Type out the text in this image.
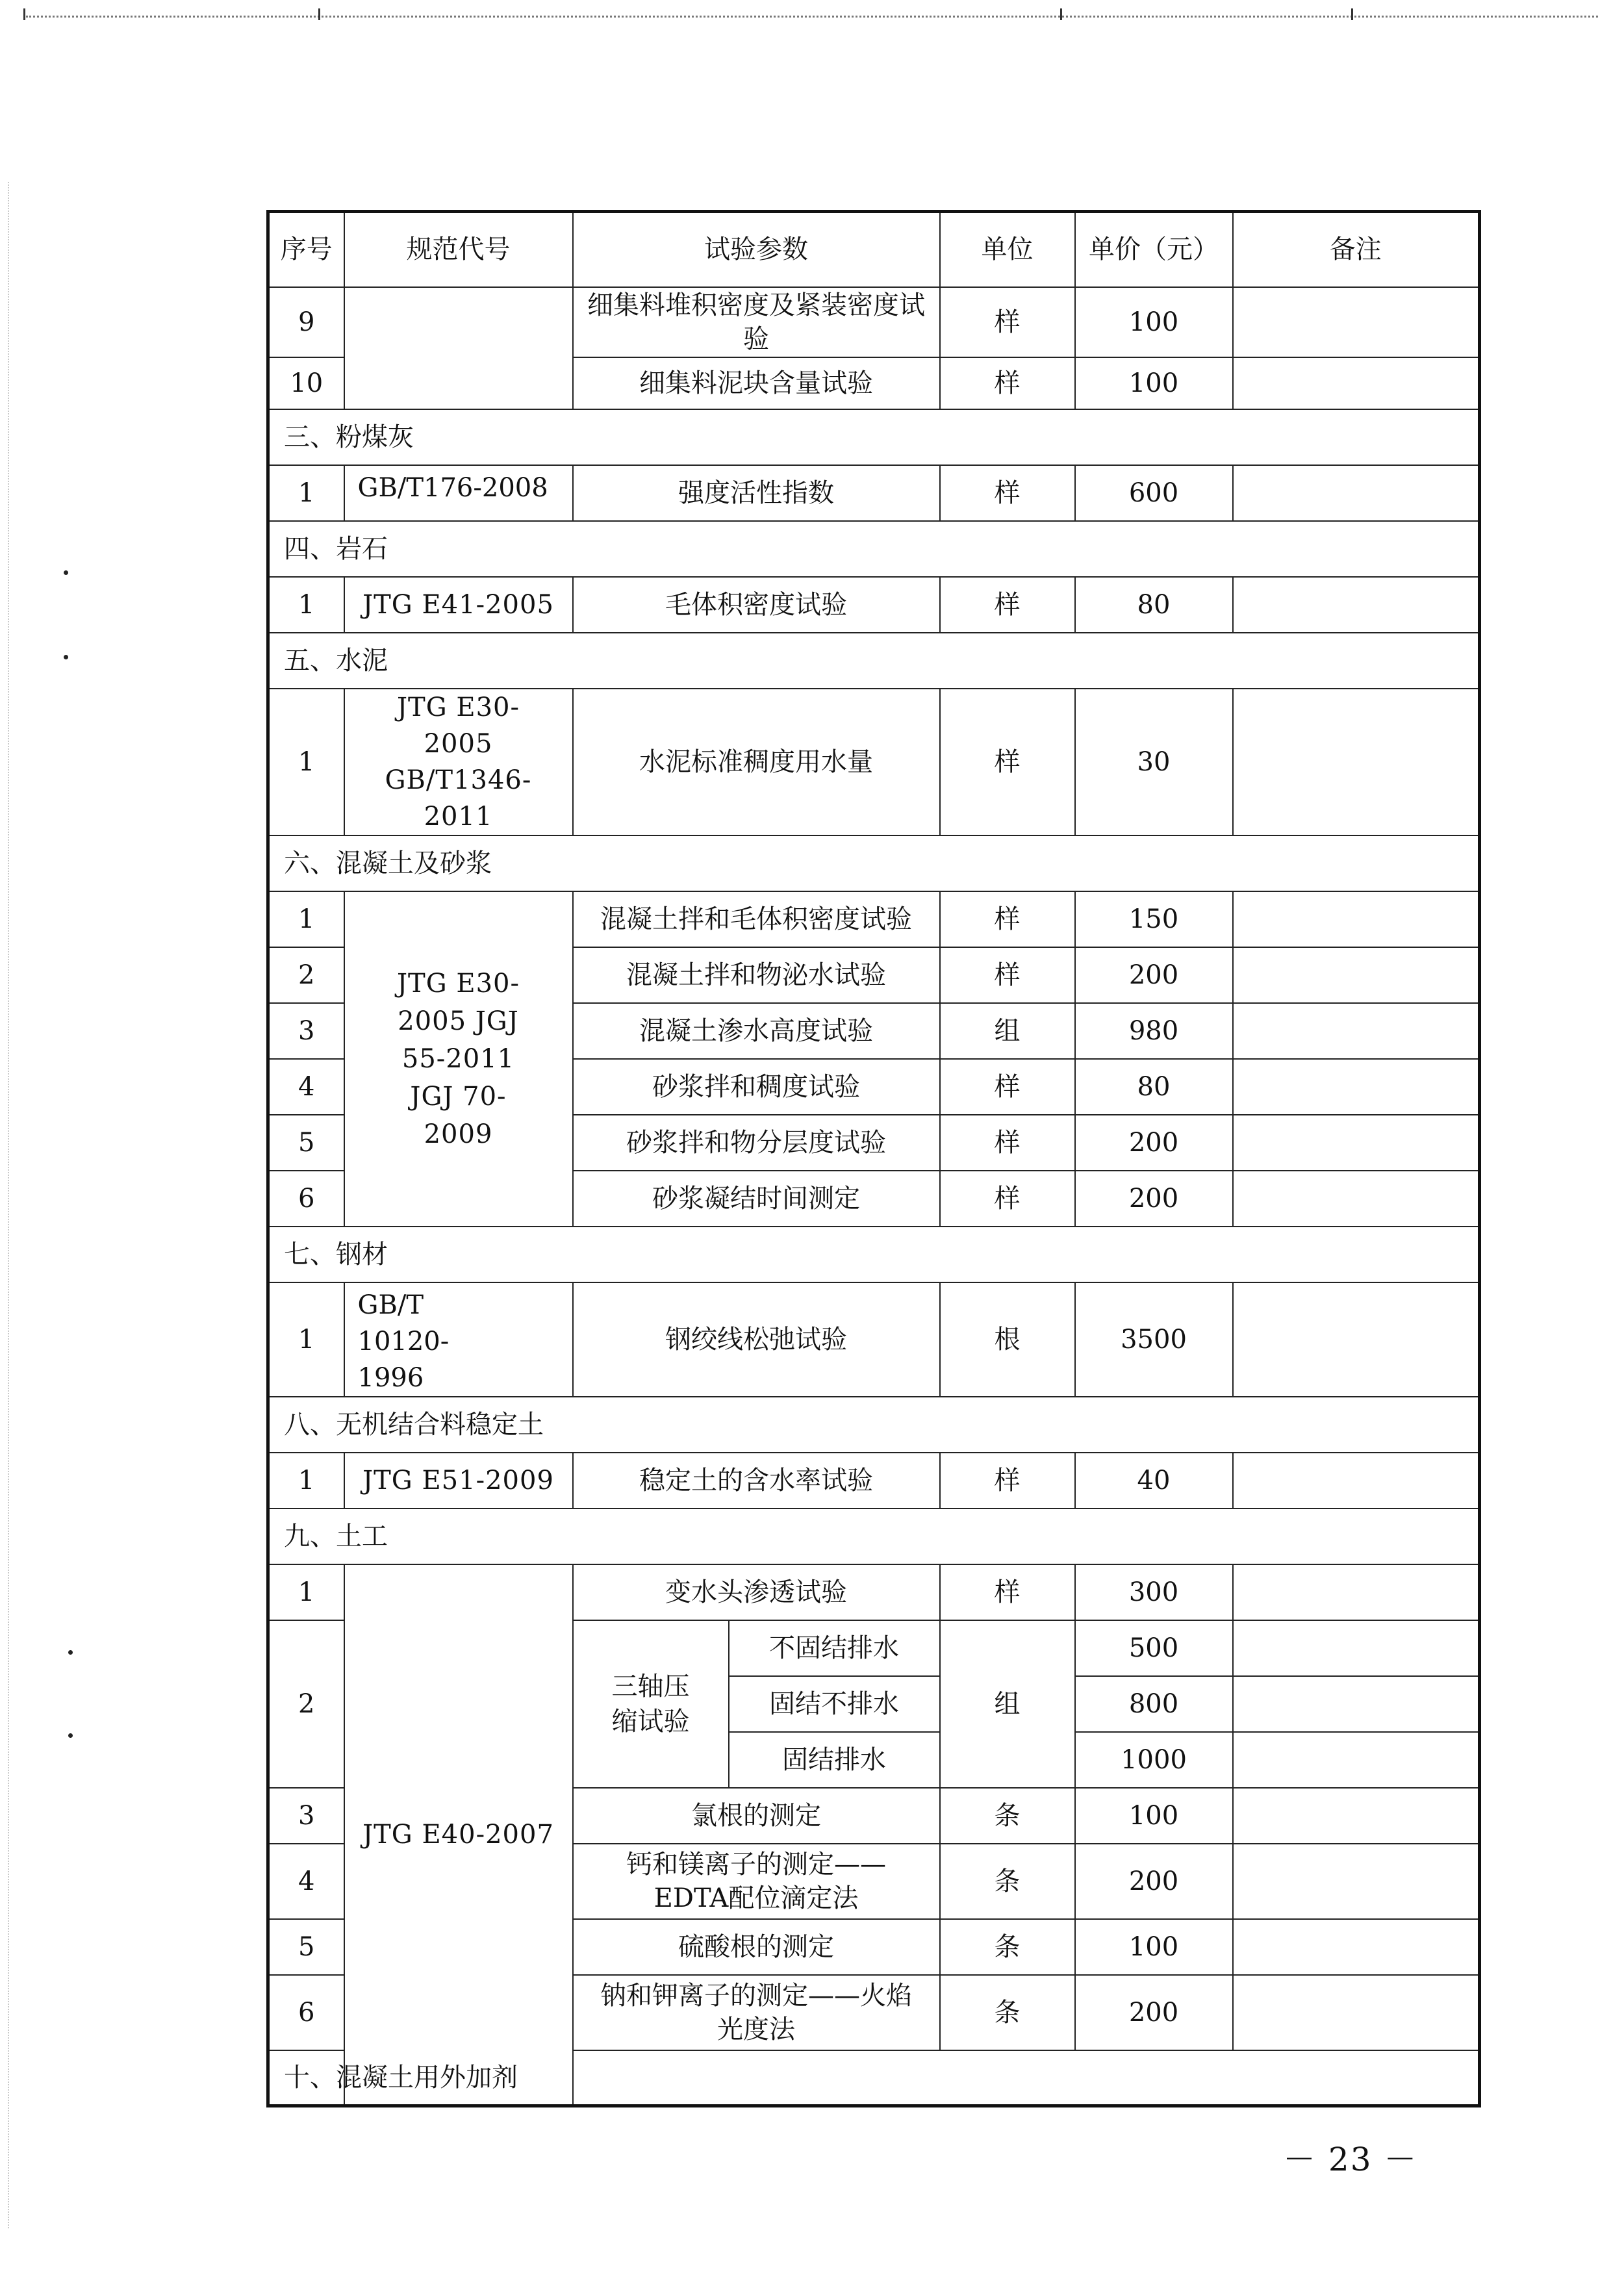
序号	规范代号	试验参数		单位	单价（元）	备注
9		细集料堆积密度及紧装密度试验		样	100	
10		细集料泥块含量试验		样	100	
三、粉煤灰						
1	GB/T176-2008	强度活性指数		样	600	
四、岩石						
1	JTG E41-2005	毛体积密度试验		样	80	
五、水泥						
1	JTG E30-2005 GB/T1346-2011	水泥标准稠度用水量		样	30	
六、混凝土及砂浆						
1	JTG E30-2005 JGJ 55-2011 JGJ 70-2009	混凝土拌和毛体积密度试验		样	150	
2		混凝土拌和物泌水试验		样	200	
3		混凝土渗水高度试验		组	980	
4		砂浆拌和稠度试验		样	80	
5		砂浆拌和物分层度试验		样	200	
6		砂浆凝结时间测定		样	200	
七、钢材						
1	GB/T 10120-1996	钢绞线松弛试验		根	3500	
八、无机结合料稳定土						
1	JTG E51-2009	稳定土的含水率试验		样	40	
九、土工						
1	JTG E40-2007	变水头渗透试验		样	300	
2		三轴压缩试验	不固结排水	组	500	
			固结不排水		800	
			固结排水		1000	
3		氯根的测定		条	100	
4		钙和镁离子的测定——EDTA配位滴定法		条	200	
5		硫酸根的测定		条	100	
6		钠和钾离子的测定——火焰光度法		条	200	
十、混凝土用外加剂						
－ 23 －
